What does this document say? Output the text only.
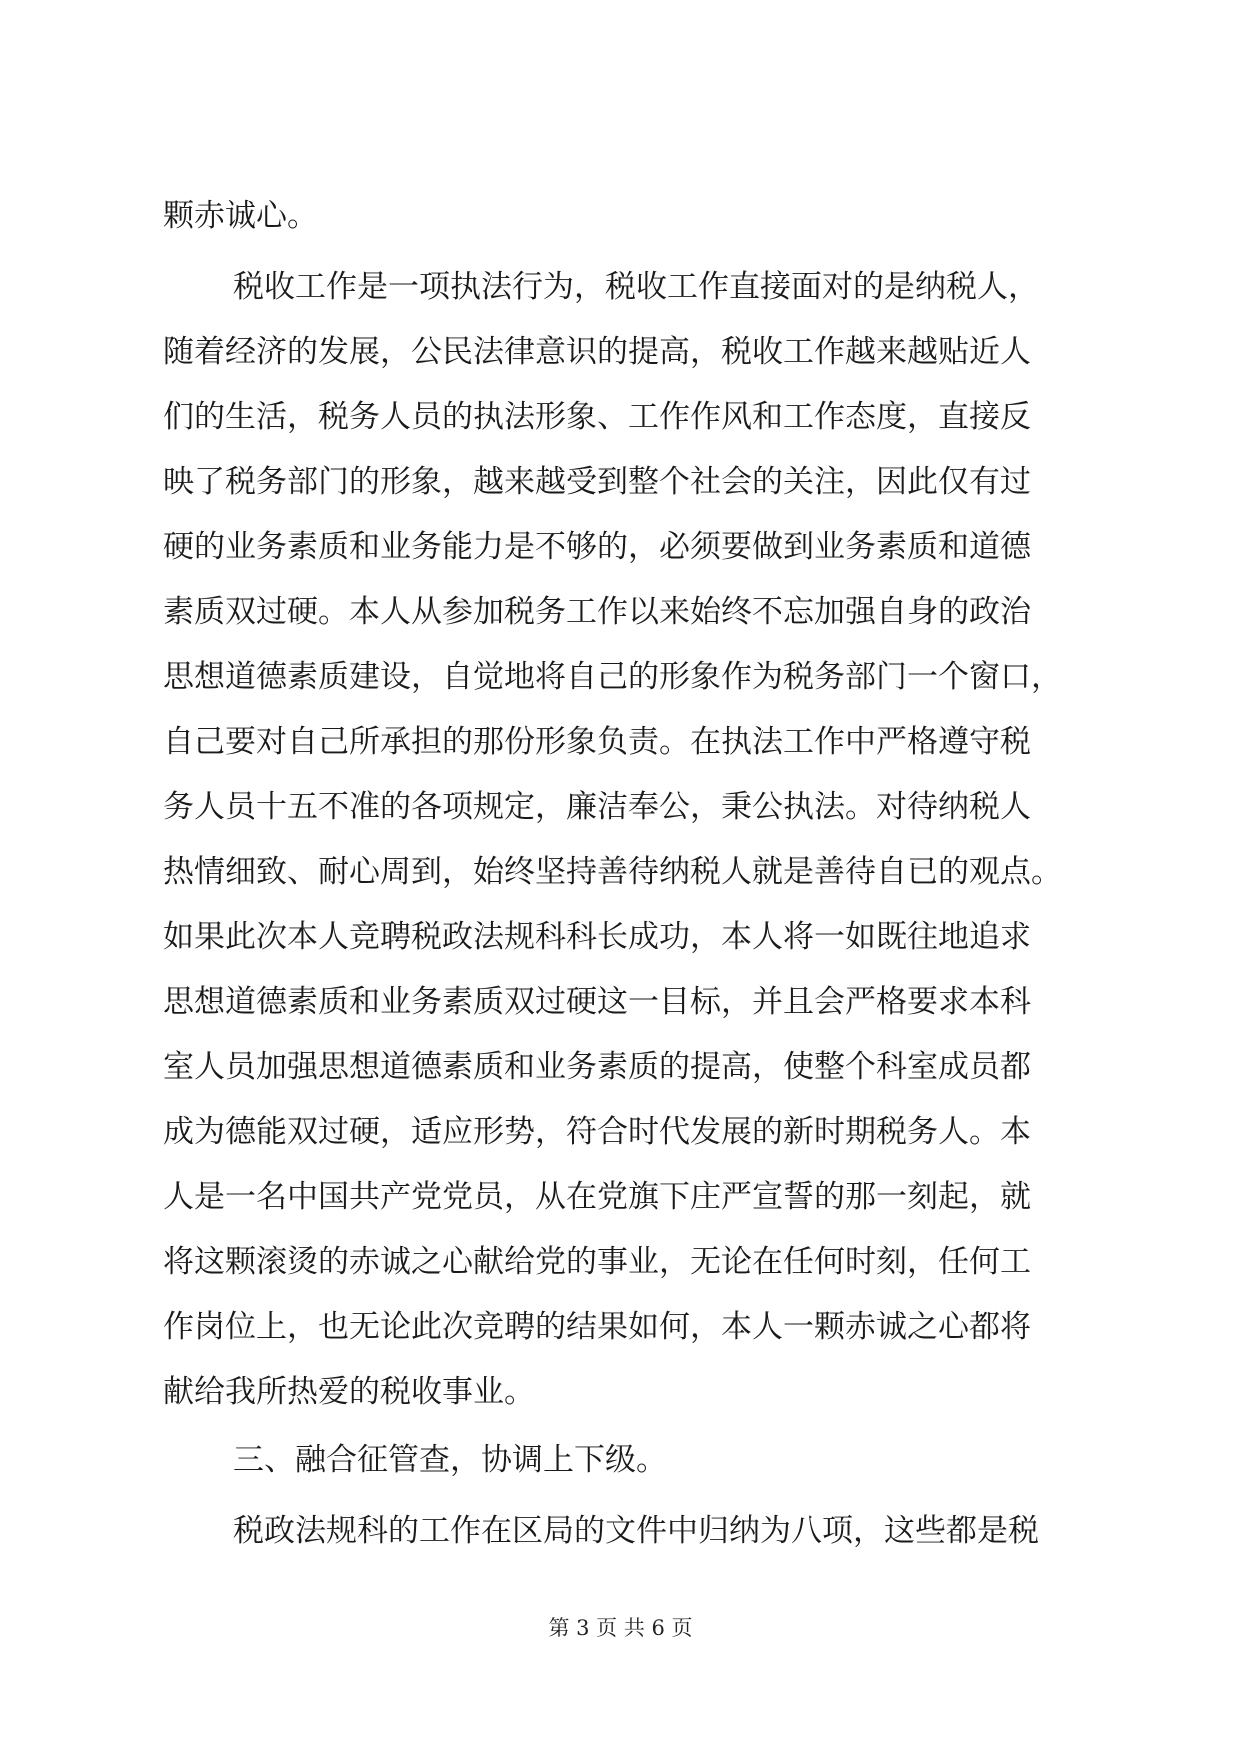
颗赤诚心。
税收工作是一项执法行为，税收工作直接面对的是纳税人，
随着经济的发展，公民法律意识的提高，税收工作越来越贴近人
们的生活，税务人员的执法形象、工作作风和工作态度，直接反
映了税务部门的形象，越来越受到整个社会的关注，因此仅有过
硬的业务素质和业务能力是不够的，必须要做到业务素质和道德
素质双过硬。本人从参加税务工作以来始终不忘加强自身的政治
思想道德素质建设，自觉地将自己的形象作为税务部门一个窗口，
自己要对自己所承担的那份形象负责。在执法工作中严格遵守税
务人员十五不准的各项规定，廉洁奉公，秉公执法。对待纳税人
热情细致、耐心周到，始终坚持善待纳税人就是善待自已的观点。
如果此次本人竞聘税政法规科科长成功，本人将一如既往地追求
思想道德素质和业务素质双过硬这一目标，并且会严格要求本科
室人员加强思想道德素质和业务素质的提高，使整个科室成员都
成为德能双过硬，适应形势，符合时代发展的新时期税务人。本
人是一名中国共产党党员，从在党旗下庄严宣誓的那一刻起，就
将这颗滚烫的赤诚之心献给党的事业，无论在任何时刻，任何工
作岗位上，也无论此次竞聘的结果如何，本人一颗赤诚之心都将
献给我所热爱的税收事业。
三、融合征管查，协调上下级。
税政法规科的工作在区局的文件中归纳为八项，这些都是税
第 3 页 共 6 页
